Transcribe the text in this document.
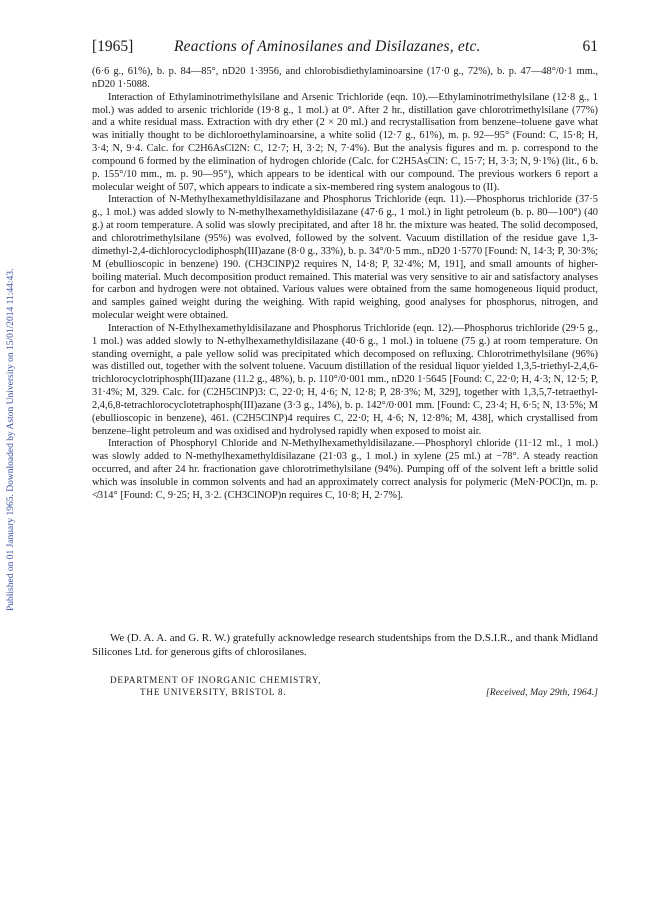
Published on 01 January 1965. Downloaded by Aston University on 15/01/2014 11:44:43.
[1965]	Reactions of Aminosilanes and Disilazanes, etc.	61

(6·6 g., 61%), b. p. 84—85°, nD20 1·3956, and chlorobisdiethylaminoarsine (17·0 g., 72%), b. p. 47—48°/0·1 mm., nD20 1·5088.

Interaction of Ethylaminotrimethylsilane and Arsenic Trichloride (eqn. 10).—Ethylaminotrimethylsilane (12·8 g., 1 mol.) was added to arsenic trichloride (19·8 g., 1 mol.) at 0°. After 2 hr., distillation gave chlorotrimethylsilane (77%) and a white residual mass. Extraction with dry ether (2 × 20 ml.) and recrystallisation from benzene–toluene gave what was initially thought to be dichloroethylaminoarsine, a white solid (12·7 g., 61%), m. p. 92—95° (Found: C, 15·8; H, 3·4; N, 9·4. Calc. for C2H6AsCl2N: C, 12·7; H, 3·2; N, 7·4%). But the analysis figures and m. p. correspond to the compound 6 formed by the elimination of hydrogen chloride (Calc. for C2H5AsClN: C, 15·7; H, 3·3; N, 9·1%) (lit., 6 b. p. 155°/10 mm., m. p. 90—95°), which appears to be identical with our compound. The previous workers 6 report a molecular weight of 507, which appears to indicate a six-membered ring system analogous to (II).

Interaction of N-Methylhexamethyldisilazane and Phosphorus Trichloride (eqn. 11).—Phosphorus trichloride (37·5 g., 1 mol.) was added slowly to N-methylhexamethyldisilazane (47·6 g., 1 mol.) in light petroleum (b. p. 80—100°) (40 g.) at room temperature. A solid was slowly precipitated, and after 18 hr. the mixture was heated. The solid decomposed, and chlorotrimethylsilane (95%) was evolved, followed by the solvent. Vacuum distillation of the residue gave 1,3-dimethyl-2,4-dichlorocyclodiphosph(III)azane (8·0 g., 33%), b. p. 34°/0·5 mm., nD20 1·5770 [Found: N, 14·3; P, 30·3%; M (ebullioscopic in benzene) 190. (CH3ClNP)2 requires N, 14·8; P, 32·4%; M, 191], and small amounts of higher-boiling material. Much decomposition product remained. This material was very sensitive to air and satisfactory analyses for carbon and hydrogen were not obtained. Various values were obtained from the same homogeneous liquid product, and samples gained weight during the weighing. With rapid weighing, good analyses for phosphorus, nitrogen, and molecular weight were obtained.

Interaction of N-Ethylhexamethyldisilazane and Phosphorus Trichloride (eqn. 12).—Phosphorus trichloride (29·5 g., 1 mol.) was added slowly to N-ethylhexamethyldisilazane (40·6 g., 1 mol.) in toluene (75 g.) at room temperature. On standing overnight, a pale yellow solid was precipitated which decomposed on refluxing. Chlorotrimethylsilane (96%) was distilled out, together with the solvent toluene. Vacuum distillation of the residual liquor yielded 1,3,5-triethyl-2,4,6-trichlorocyclotriphosph(III)azane (11.2 g., 48%), b. p. 110°/0·001 mm., nD20 1·5645 [Found: C, 22·0; H, 4·3; N, 12·5; P, 31·4%; M, 329. Calc. for (C2H5ClNP)3: C, 22·0; H, 4·6; N, 12·8; P, 28·3%; M, 329], together with 1,3,5,7-tetraethyl-2,4,6,8-tetrachlorocyclotetraphosph(III)azane (3·3 g., 14%), b. p. 142°/0·001 mm. [Found: C, 23·4; H, 6·5; N, 13·5%; M (ebullioscopic in benzene), 461. (C2H5ClNP)4 requires C, 22·0; H, 4·6; N, 12·8%; M, 438], which crystallised from benzene–light petroleum and was oxidised and hydrolysed rapidly when exposed to moist air.

Interaction of Phosphoryl Chloride and N-Methylhexamethyldisilazane.—Phosphoryl chloride (11·12 ml., 1 mol.) was slowly added to N-methylhexamethyldisilazane (21·03 g., 1 mol.) in xylene (25 ml.) at −78°. A steady reaction occurred, and after 24 hr. fractionation gave chlorotrimethylsilane (94%). Pumping off of the solvent left a brittle solid which was insoluble in common solvents and had an approximately correct analysis for polymeric (MeN·POCl)n, m. p. ≮314° [Found: C, 9·25; H, 3·2. (CH3ClNOP)n requires C, 10·8; H, 2·7%].

We (D. A. A. and G. R. W.) gratefully acknowledge research studentships from the D.S.I.R., and thank Midland Silicones Ltd. for generous gifts of chlorosilanes.

DEPARTMENT OF INORGANIC CHEMISTRY,
THE UNIVERSITY, BRISTOL 8.	[Received, May 29th, 1964.]
